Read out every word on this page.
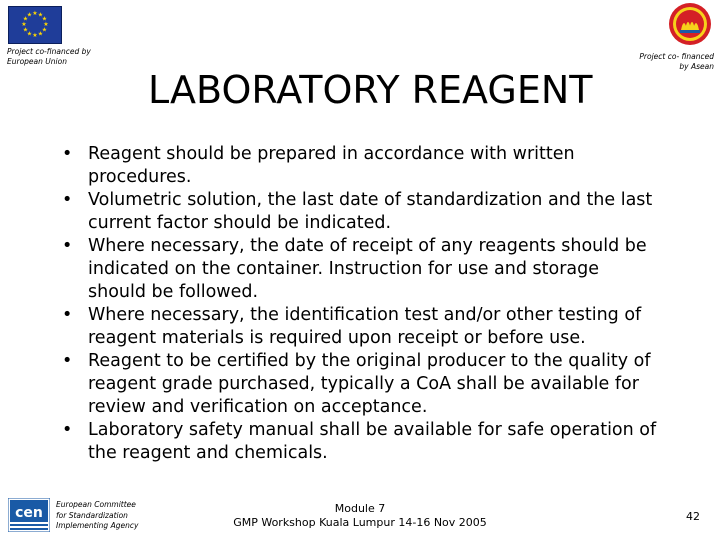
★ ★
★
★
★
★
★
★
★
★
★
★
Project co-financed by
European Union
Project co- financed
by Asean
LABORATORY REAGENT
• Reagent should be prepared in accordance with written
procedures.
• Volumetric solution, the last date of standardization and the last
current factor should be indicated.
• Where necessary, the date of receipt of any reagents should be
indicated on the container. Instruction for use and storage
should be followed.
• Where necessary, the identification test and/or other testing of
reagent materials is required upon receipt or before use.
• Reagent to be certified by the original producer to the quality of
reagent grade purchased, typically a CoA shall be available for
review and verification on acceptance.
• Laboratory safety manual shall be available for safe operation of
the reagent and chemicals.
cen
European Committee
for Standardization
Implementing Agency
Module 7
GMP Workshop Kuala Lumpur 14-16 Nov 2005	42
